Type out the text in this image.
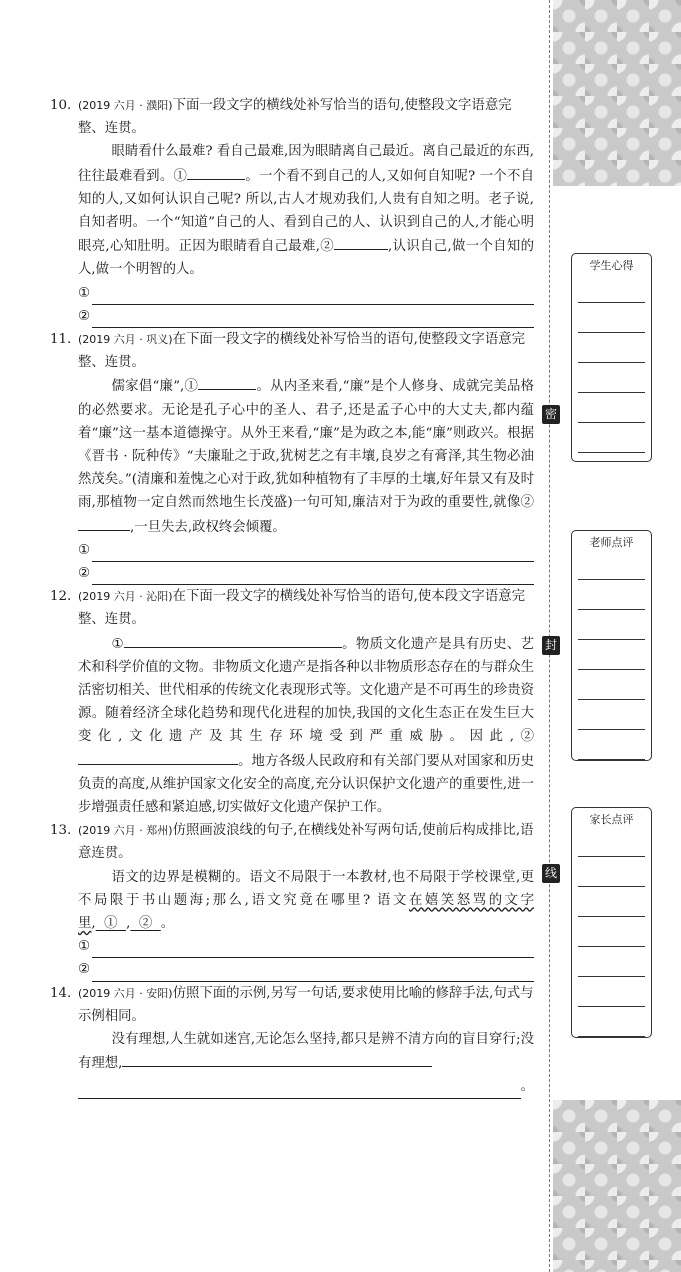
密
封
线
学生心得
老师点评
家长点评
10. (2019 六月 · 濮阳)下面一段文字的横线处补写恰当的语句,使整段文字语意完整、连贯。
眼睛看什么最难? 看自己最难,因为眼睛离自己最近。离自己最近的东西,往往最难看到。①	。一个看不到自己的人,又如何自知呢? 一个不自知的人,又如何认识自己呢? 所以,古人才规劝我们,人贵有自知之明。老子说,自知者明。一个“知道”自己的人、看到自己的人、认识到自己的人,才能心明眼亮,心知肚明。正因为眼睛看自己最难,②	,认识自己,做一个自知的人,做一个明智的人。
①
②
11. (2019 六月 · 巩义)在下面一段文字的横线处补写恰当的语句,使整段文字语意完整、连贯。
儒家倡“廉”,①	。从内圣来看,“廉”是个人修身、成就完美品格的必然要求。无论是孔子心中的圣人、君子,还是孟子心中的大丈夫,都内蕴着“廉”这一基本道德操守。从外王来看,“廉”是为政之本,能“廉”则政兴。根据《晋书 · 阮种传》“夫廉耻之于政,犹树艺之有丰壤,良岁之有膏泽,其生物必油然茂矣。”(清廉和羞愧之心对于政,犹如种植物有了丰厚的土壤,好年景又有及时雨,那植物一定自然而然地生长茂盛)一句可知,廉洁对于为政的重要性,就像②,一旦失去,政权终会倾覆。
①
②
12. (2019 六月 · 沁阳)在下面一段文字的横线处补写恰当的语句,使本段文字语意完整、连贯。
①	。物质文化遗产是具有历史、艺术和科学价值的文物。非物质文化遗产是指各种以非物质形态存在的与群众生活密切相关、世代相承的传统文化表现形式等。文化遗产是不可再生的珍贵资源。随着经济全球化趋势和现代化进程的加快,我国的文化生态正在发生巨大变化,文化遗产及其生存环境受到严重威胁。因此,②。地方各级人民政府和有关部门要从对国家和历史负责的高度,从维护国家文化安全的高度,充分认识保护文化遗产的重要性,进一步增强责任感和紧迫感,切实做好文化遗产保护工作。
13. (2019 六月 · 郑州)仿照画波浪线的句子,在横线处补写两句话,使前后构成排比,语意连贯。
语文的边界是模糊的。语文不局限于一本教材,也不局限于学校课堂,更不局限于书山题海;那么,语文究竟在哪里? 语文在嬉笑怒骂的文字里, ① , ② 。
①
②
14. (2019 六月 · 安阳)仿照下面的示例,另写一句话,要求使用比喻的修辞手法,句式与示例相同。
没有理想,人生就如迷宫,无论怎么坚持,都只是辨不清方向的盲目穿行;没有理想,
。
